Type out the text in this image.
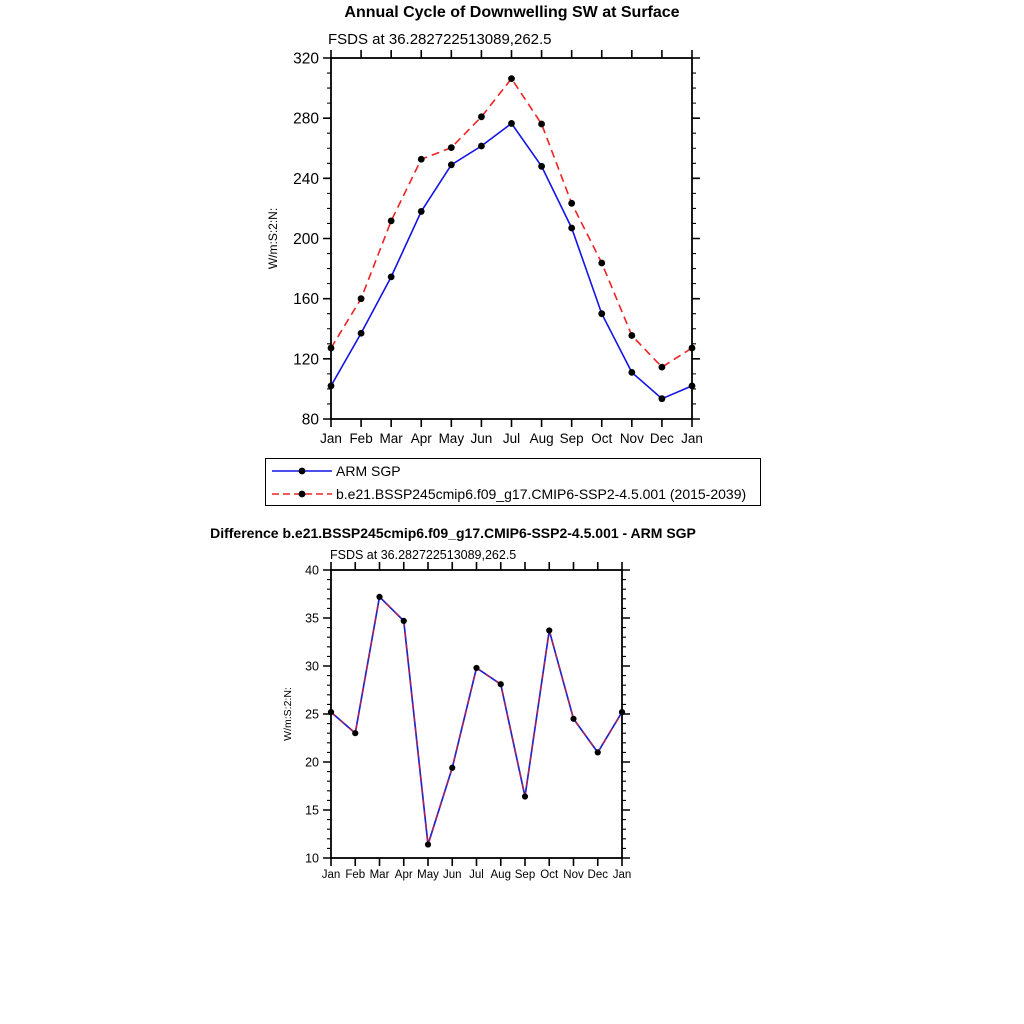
Annual Cycle of Downwelling SW at Surface
FSDS at 36.282722513089,262.5
80
120
160
200
240
280
320
Jan Feb Mar Apr May Jun Jul Aug Sep Oct Nov Dec Jan
W/m:S:2:N:
ARM SGP
b.e21.BSSP245cmip6.f09_g17.CMIP6-SSP2-4.5.001 (2015-2039)
Difference b.e21.BSSP245cmip6.f09_g17.CMIP6-SSP2-4.5.001 - ARM SGP
FSDS at 36.282722513089,262.5
10
15
20
25
30
35
40
Jan Feb Mar Apr May Jun Jul Aug Sep Oct Nov Dec Jan
W/m:S:2:N:
